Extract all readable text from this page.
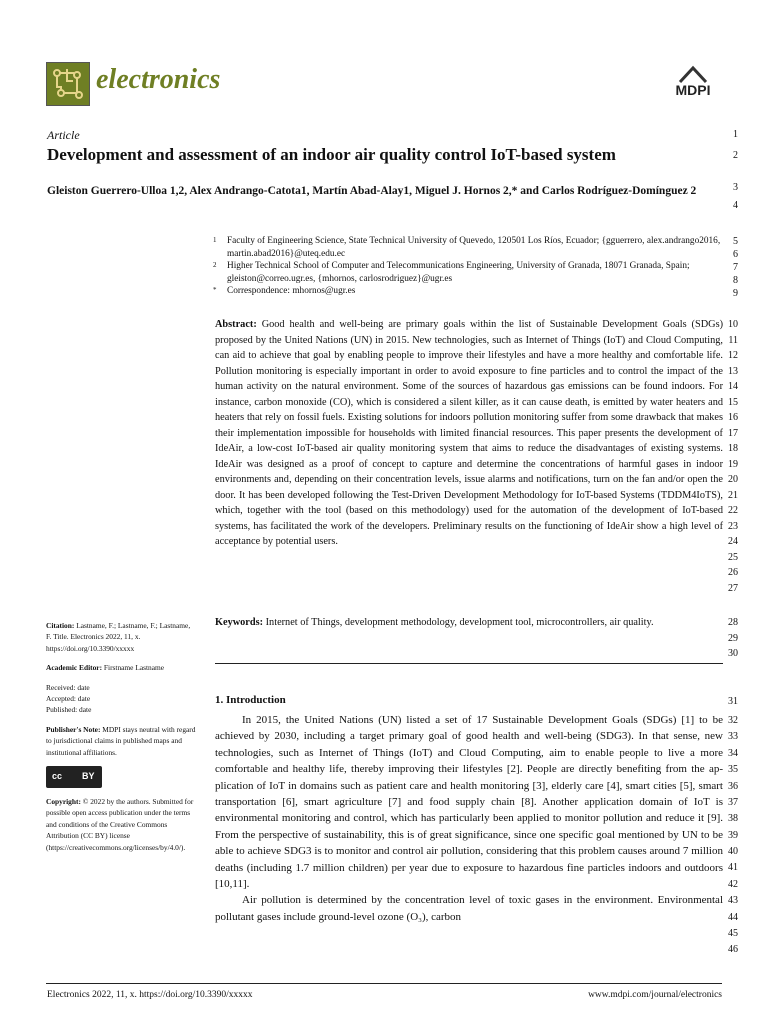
electronics	MDPI
Article
Development and assessment of an indoor air quality control IoT-based system
Gleiston Guerrero-Ulloa 1,2, Alex Andrango-Catota1, Martín Abad-Alay1, Miguel J. Hornos 2,* and Carlos Rodríguez-Domínguez 2
1 Faculty of Engineering Science, State Technical University of Quevedo, 120501 Los Ríos, Ecuador; {gguerrero, alex.andrango2016, martin.abad2016}@uteq.edu.ec
2 Higher Technical School of Computer and Telecommunications Engineering, University of Granada, 18071 Granada, Spain; gleiston@correo.ugr.es, {mhornos, carlosrodriguez}@ugr.es
* Correspondence: mhornos@ugr.es
Abstract: Good health and well-being are primary goals within the list of Sustainable Development Goals (SDGs) proposed by the United Nations (UN) in 2015. New technologies, such as Internet of Things (IoT) and Cloud Computing, can aid to achieve that goal by enabling people to improve their lifestyles and have a more healthy and comfortable life. Pollution monitoring is especially important in order to avoid exposure to fine particles and to control the impact of the human activity on the natural environment. Some of the sources of hazardous gas emissions can be found indoors. For instance, carbon monoxide (CO), which is considered a silent killer, as it can cause death, is emitted by water heaters and heaters that rely on fossil fuels. Existing solutions for indoors pollution monitoring suffer from some drawback that makes their implementation impossible for households with limited financial resources. This paper presents the development of IdeAir, a low-cost IoT-based air quality monitoring system that aims to reduce the disadvantages of existing systems. IdeAir was designed as a proof of concept to capture and determine the concentrations of harmful gases in indoor environments and, depending on their concentration levels, issue alarms and notifications, turn on the fan and/or open the door. It has been developed following the Test-Driven Development Methodology for IoT-based Systems (TDDM4IoTS), which, together with the tool (based on this methodology) used for the automation of the development of IoT-based systems, has facilitated the work of the developers. Preliminary results on the functioning of IdeAir show a high level of acceptance by potential users.
Keywords: Internet of Things, development methodology, development tool, microcontrollers, air quality.
1. Introduction

In 2015, the United Nations (UN) listed a set of 17 Sustainable Development Goals (SDGs) [1] to be achieved by 2030, including a target primary goal of good health and well-being (SDG3). In that sense, new technologies, such as Internet of Things (IoT) and Cloud Computing, aim to enable people to live a more comfortable and healthy life, thereby improving their lifestyles [2]. People are directly benefiting from the ap-plication of IoT in domains such as patient care and health monitoring [3], elderly care [4], smart cities [5], smart transportation [6], smart agriculture [7] and food supply chain [8]. Another application domain of IoT is environmental monitoring and control, which has particularly been applied to monitor pollution and reduce it [9]. From the perspective of sustainability, this is of great significance, since one specific goal mentioned by UN to be able to achieve SDG3 is to monitor and control air pollution, considering that this problem causes around 7 million deaths (including 1.7 million children) per year due to exposure to hazardous fine particles indoors and outdoors [10,11].

Air pollution is determined by the concentration level of toxic gases in the environment. Environmental pollutant gases include ground-level ozone (O₃), carbon

Citation: Lastname, F.; Lastname, F.; Lastname, F. Title. Electronics 2022, 11, x. https://doi.org/10.3390/xxxxx
Academic Editor: Firstname Lastname
Received: date
Accepted: date
Published: date
Publisher's Note: MDPI stays neutral with regard to jurisdictional claims in published maps and institutional affiliations.
cc BY
Copyright: © 2022 by the authors. Submitted for possible open access publication under the terms and conditions of the Creative Commons Attribution (CC BY) license (https://creativecommons.org/licenses/by/4.0/).
1
2
3
4
5
6
7
8
9
10
11
12
13
14
15
16
17
18
19
20
21
22
23
24
25
26
27
28
29
30
31
32
33
34
35
36
37
38
39
40
41
42
43
44
45
46
Electronics 2022, 11, x. https://doi.org/10.3390/xxxxx	www.mdpi.com/journal/electronics
